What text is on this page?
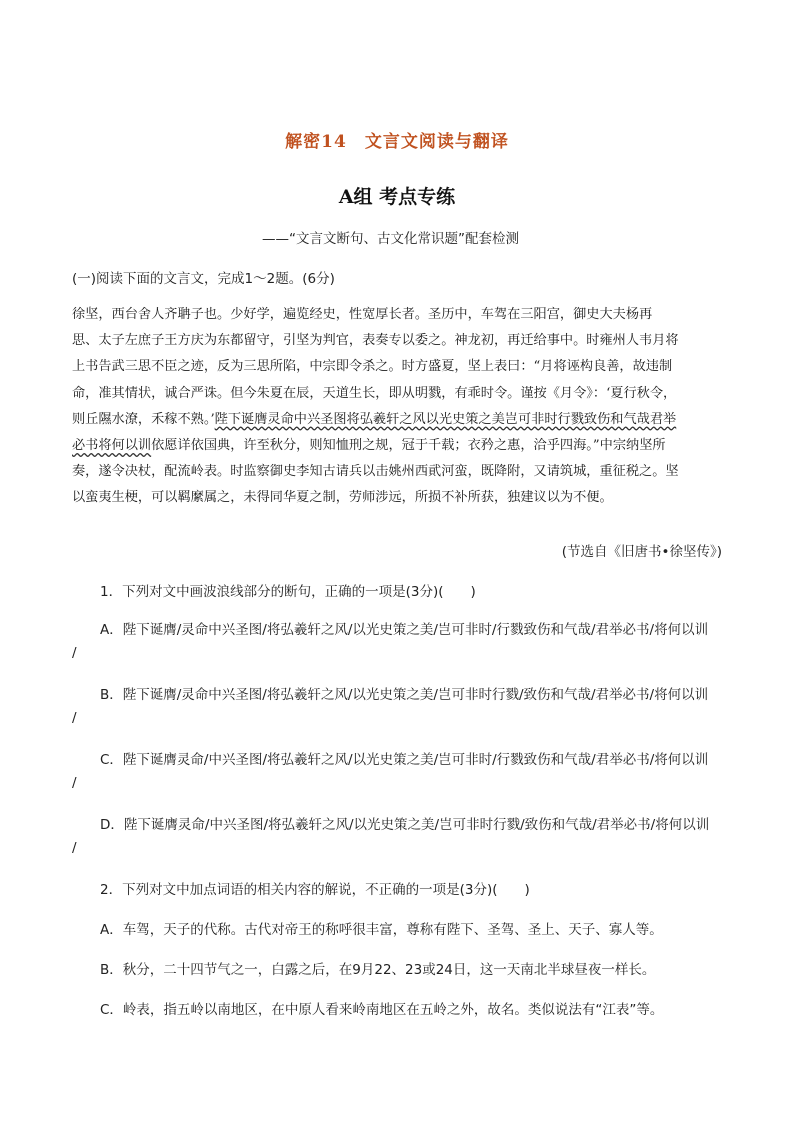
解密14　文言文阅读与翻译
A组 考点专练
——“文言文断句、古文化常识题”配套检测
(一)阅读下面的文言文，完成1～2题。(6分)
徐坚，西台舍人齐聃子也。少好学，遍览经史，性宽厚长者。圣历中，车驾在三阳宫，御史大夫杨再
思、太子左庶子王方庆为东都留守，引坚为判官，表奏专以委之。神龙初，再迁给事中。时雍州人韦月将
上书告武三思不臣之迹，反为三思所陷，中宗即令杀之。时方盛夏，坚上表曰：“月将诬构良善，故违制
命，准其情状，诚合严诛。但今朱夏在辰，天道生长，即从明戮，有乖时令。谨按《月令》：‘夏行秋令，
则丘隰水潦，禾稼不熟。’ 陛下诞膺灵命中兴圣图将弘羲轩之风以光史策之美岂可非时行戮致伤和气哉君举
必书将何以训 依愿详依国典，许至秋分，则知恤刑之规，冠于千载；衣矜之惠，洽乎四海。”中宗纳坚所
奏，遂令决杖，配流岭表。时监察御史李知古请兵以击姚州西貮河蛮，既降附，又请筑城，重征税之。坚
以蛮夷生梗，可以羁縻属之，未得同华夏之制，劳师涉远，所损不补所获，独建议以为不便。
(节选自《旧唐书•徐坚传》)
1．下列对文中画波浪线部分的断句，正确的一项是(3分)(　　)
A．陛下诞膺/灵命中兴圣图/将弘羲轩之风/以光史策之美/岂可非时/行戮致伤和气哉/君举必书/将何以训
/
B．陛下诞膺/灵命中兴圣图/将弘羲轩之风/以光史策之美/岂可非时行戮/致伤和气哉/君举必书/将何以训
/
C．陛下诞膺灵命/中兴圣图/将弘羲轩之风/以光史策之美/岂可非时/行戮致伤和气哉/君举必书/将何以训
/
D．陛下诞膺灵命/中兴圣图/将弘羲轩之风/以光史策之美/岂可非时行戮/致伤和气哉/君举必书/将何以训
/
2．下列对文中加点词语的相关内容的解说，不正确的一项是(3分)(　　)
A．车驾，天子的代称。古代对帝王的称呼很丰富，尊称有陛下、圣驾、圣上、天子、寡人等。
B．秋分，二十四节气之一，白露之后，在9月22、23或24日，这一天南北半球昼夜一样长。
C．岭表，指五岭以南地区，在中原人看来岭南地区在五岭之外，故名。类似说法有“江表”等。
